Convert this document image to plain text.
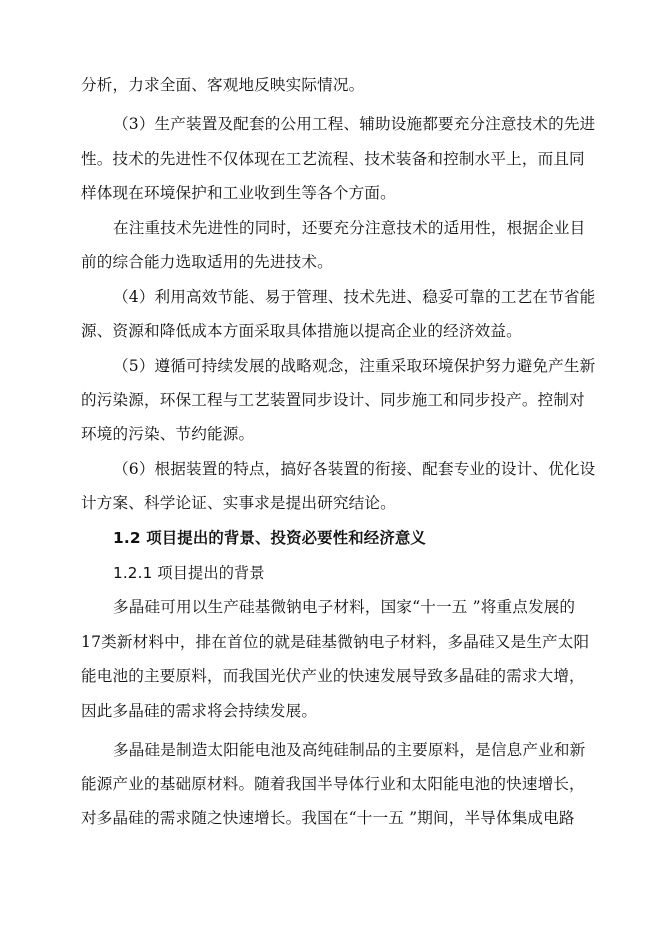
分析，力求全面、客观地反映实际情况。
（3）生产装置及配套的公用工程、辅助设施都要充分注意技术的先进
性。技术的先进性不仅体现在工艺流程、技术装备和控制水平上，而且同
样体现在环境保护和工业收到生等各个方面。
在注重技术先进性的同时，还要充分注意技术的适用性，根据企业目
前的综合能力选取适用的先进技术。
（4）利用高效节能、易于管理、技术先进、稳妥可靠的工艺在节省能
源、资源和降低成本方面采取具体措施以提高企业的经济效益。
（5）遵循可持续发展的战略观念，注重采取环境保护努力避免产生新
的污染源，环保工程与工艺装置同步设计、同步施工和同步投产。控制对
环境的污染、节约能源。
（6）根据装置的特点，搞好各装置的衔接、配套专业的设计、优化设
计方案、科学论证、实事求是提出研究结论。
1.2 项目提出的背景、投资必要性和经济意义
1.2.1 项目提出的背景
多晶硅可用以生产硅基微钠电子材料，国家“十一五 ”将重点发展的
17类新材料中，排在首位的就是硅基微钠电子材料，多晶硅又是生产太阳
能电池的主要原料，而我国光伏产业的快速发展导致多晶硅的需求大增，
因此多晶硅的需求将会持续发展。
多晶硅是制造太阳能电池及高纯硅制品的主要原料，是信息产业和新
能源产业的基础原材料。随着我国半导体行业和太阳能电池的快速增长，
对多晶硅的需求随之快速增长。我国在“十一五 ”期间，半导体集成电路
